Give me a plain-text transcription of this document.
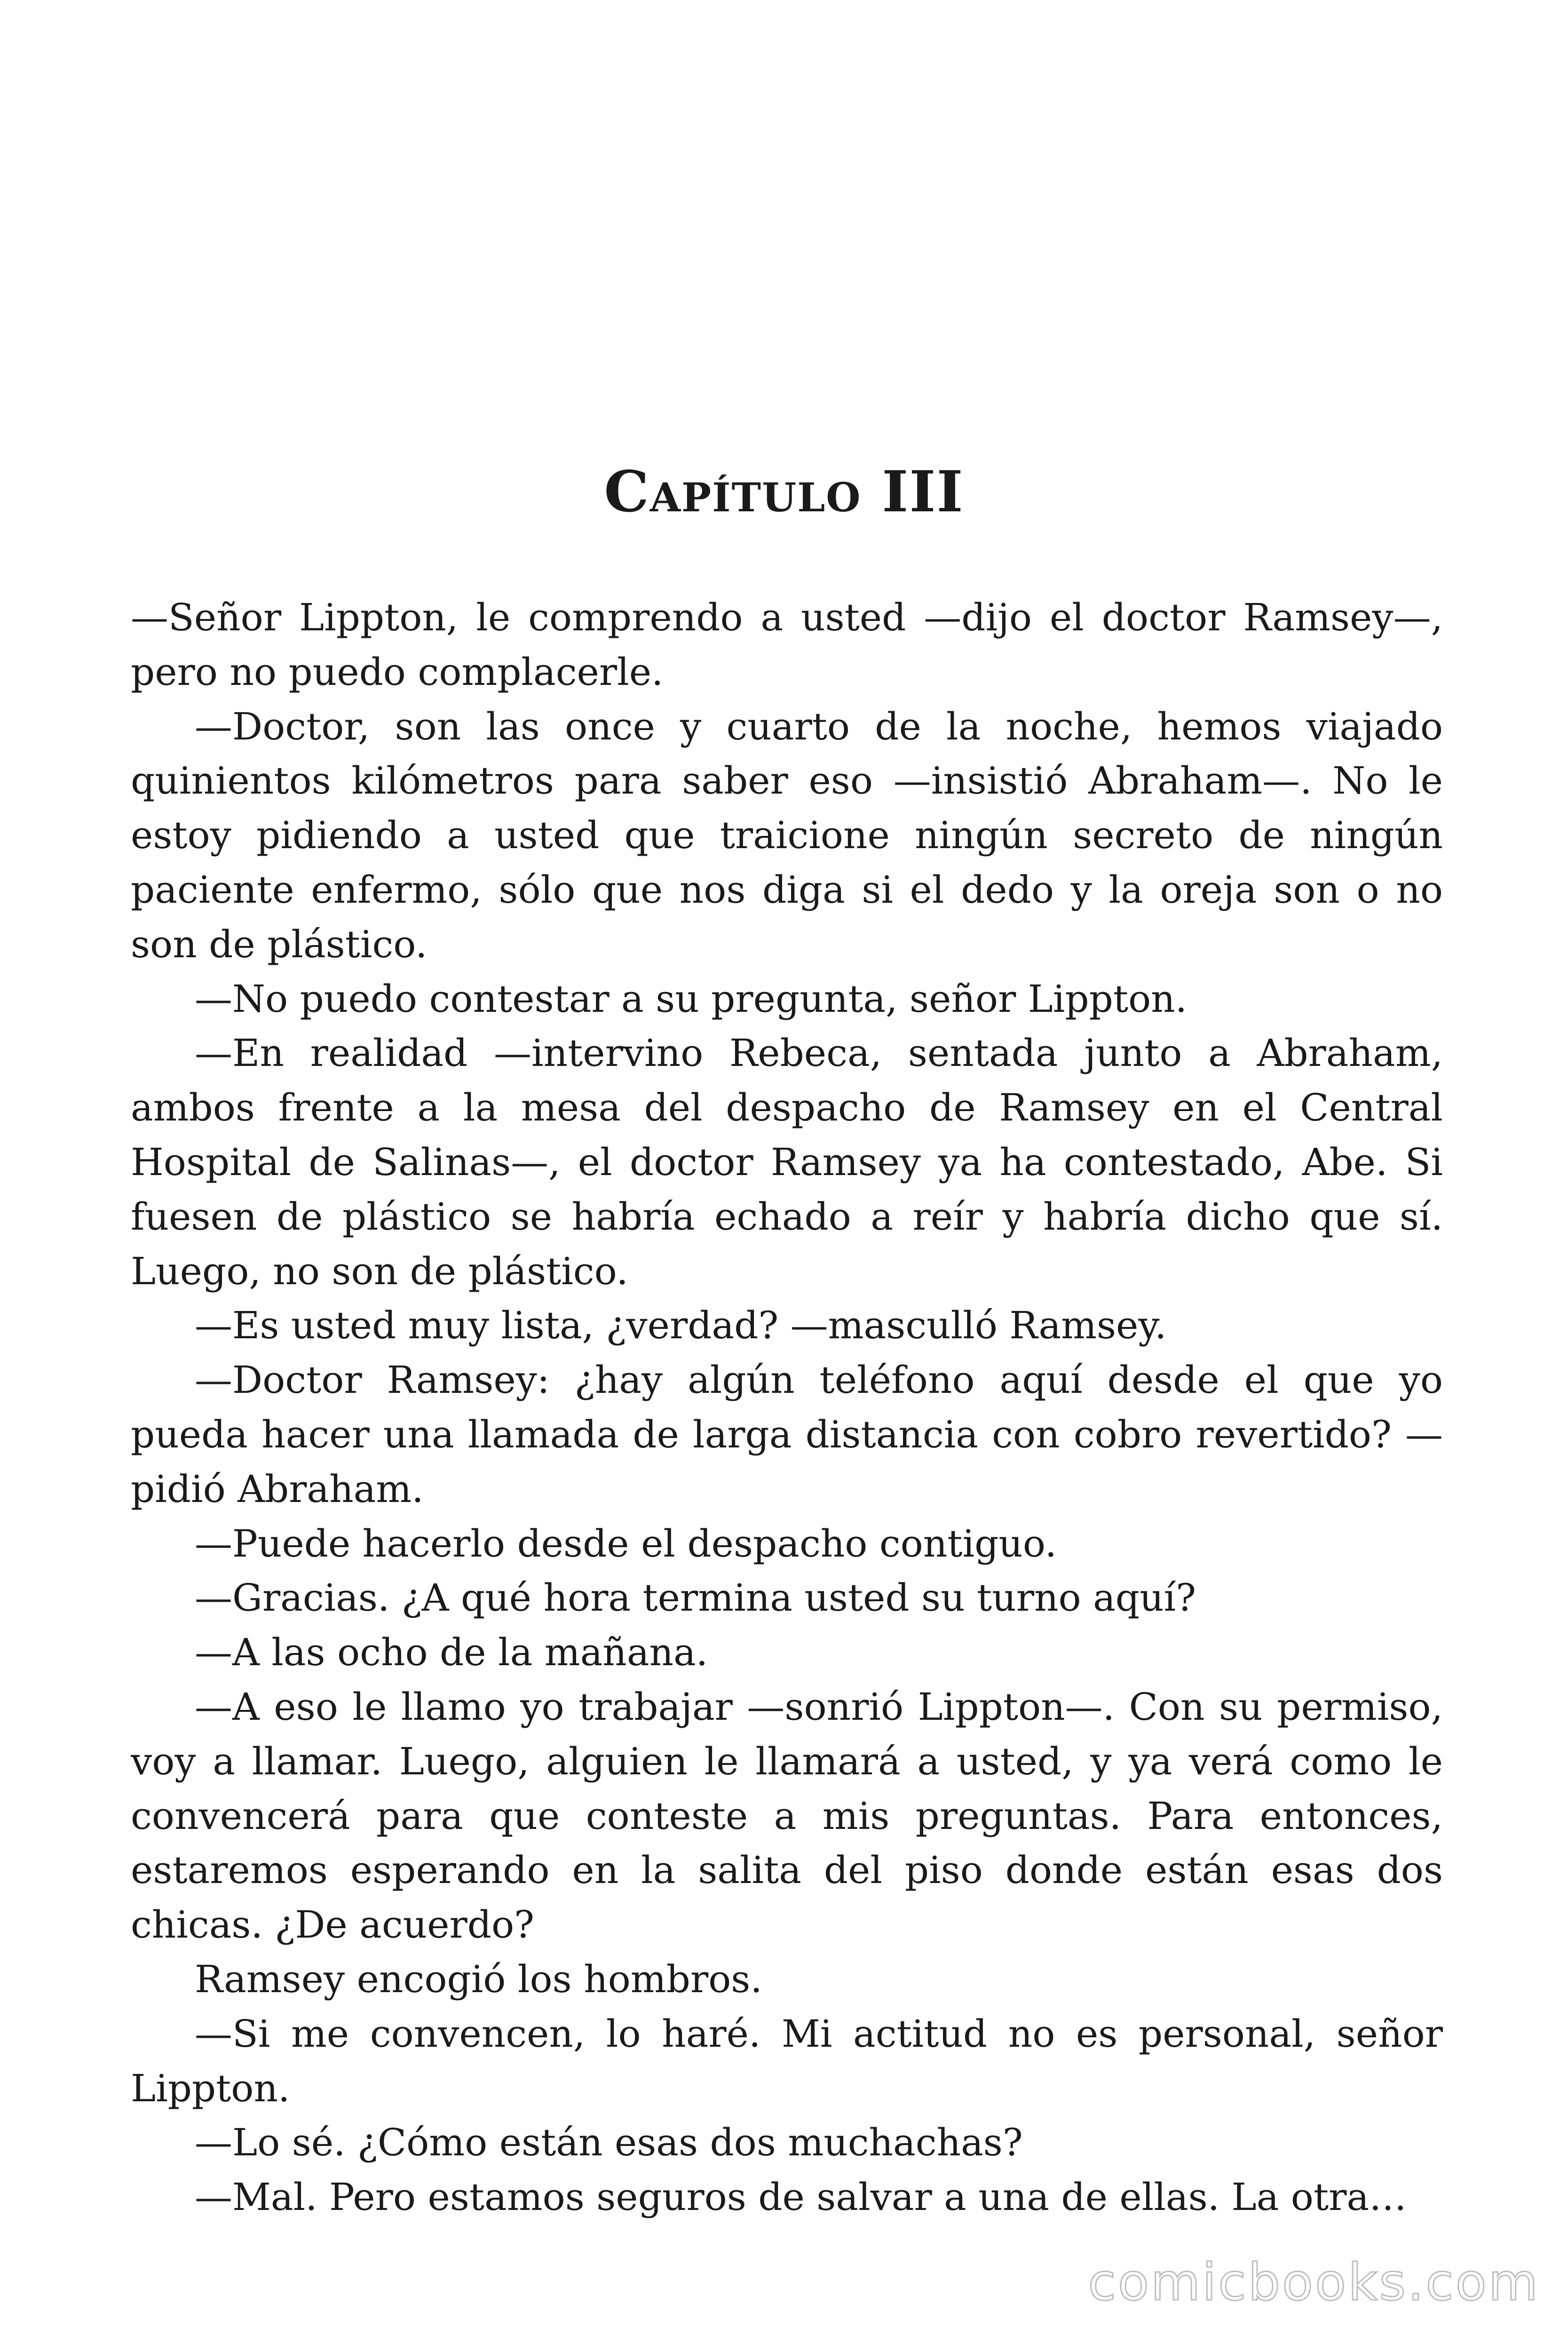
Capítulo III

—Señor Lippton, le comprendo a usted —dijo el doctor Ramsey—, pero no puedo complacerle.

—Doctor, son las once y cuarto de la noche, hemos viajado quinientos kilómetros para saber eso —insistió Abraham—. No le estoy pidiendo a usted que traicione ningún secreto de ningún paciente enfermo, sólo que nos diga si el dedo y la oreja son o no son de plástico.

—No puedo contestar a su pregunta, señor Lippton.

—En realidad —intervino Rebeca, sentada junto a Abraham, ambos frente a la mesa del despacho de Ramsey en el Central Hospital de Salinas—, el doctor Ramsey ya ha contestado, Abe. Si fuesen de plástico se habría echado a reír y habría dicho que sí. Luego, no son de plástico.

—Es usted muy lista, ¿verdad? —masculló Ramsey.

—Doctor Ramsey: ¿hay algún teléfono aquí desde el que yo pueda hacer una llamada de larga distancia con cobro revertido? —pidió Abraham.

—Puede hacerlo desde el despacho contiguo.

—Gracias. ¿A qué hora termina usted su turno aquí?

—A las ocho de la mañana.

—A eso le llamo yo trabajar —sonrió Lippton—. Con su permiso, voy a llamar. Luego, alguien le llamará a usted, y ya verá como le convencerá para que conteste a mis preguntas. Para entonces, estaremos esperando en la salita del piso donde están esas dos chicas. ¿De acuerdo?

Ramsey encogió los hombros.

—Si me convencen, lo haré. Mi actitud no es personal, señor Lippton.

—Lo sé. ¿Cómo están esas dos muchachas?

—Mal. Pero estamos seguros de salvar a una de ellas. La otra…

comicbooks.com
